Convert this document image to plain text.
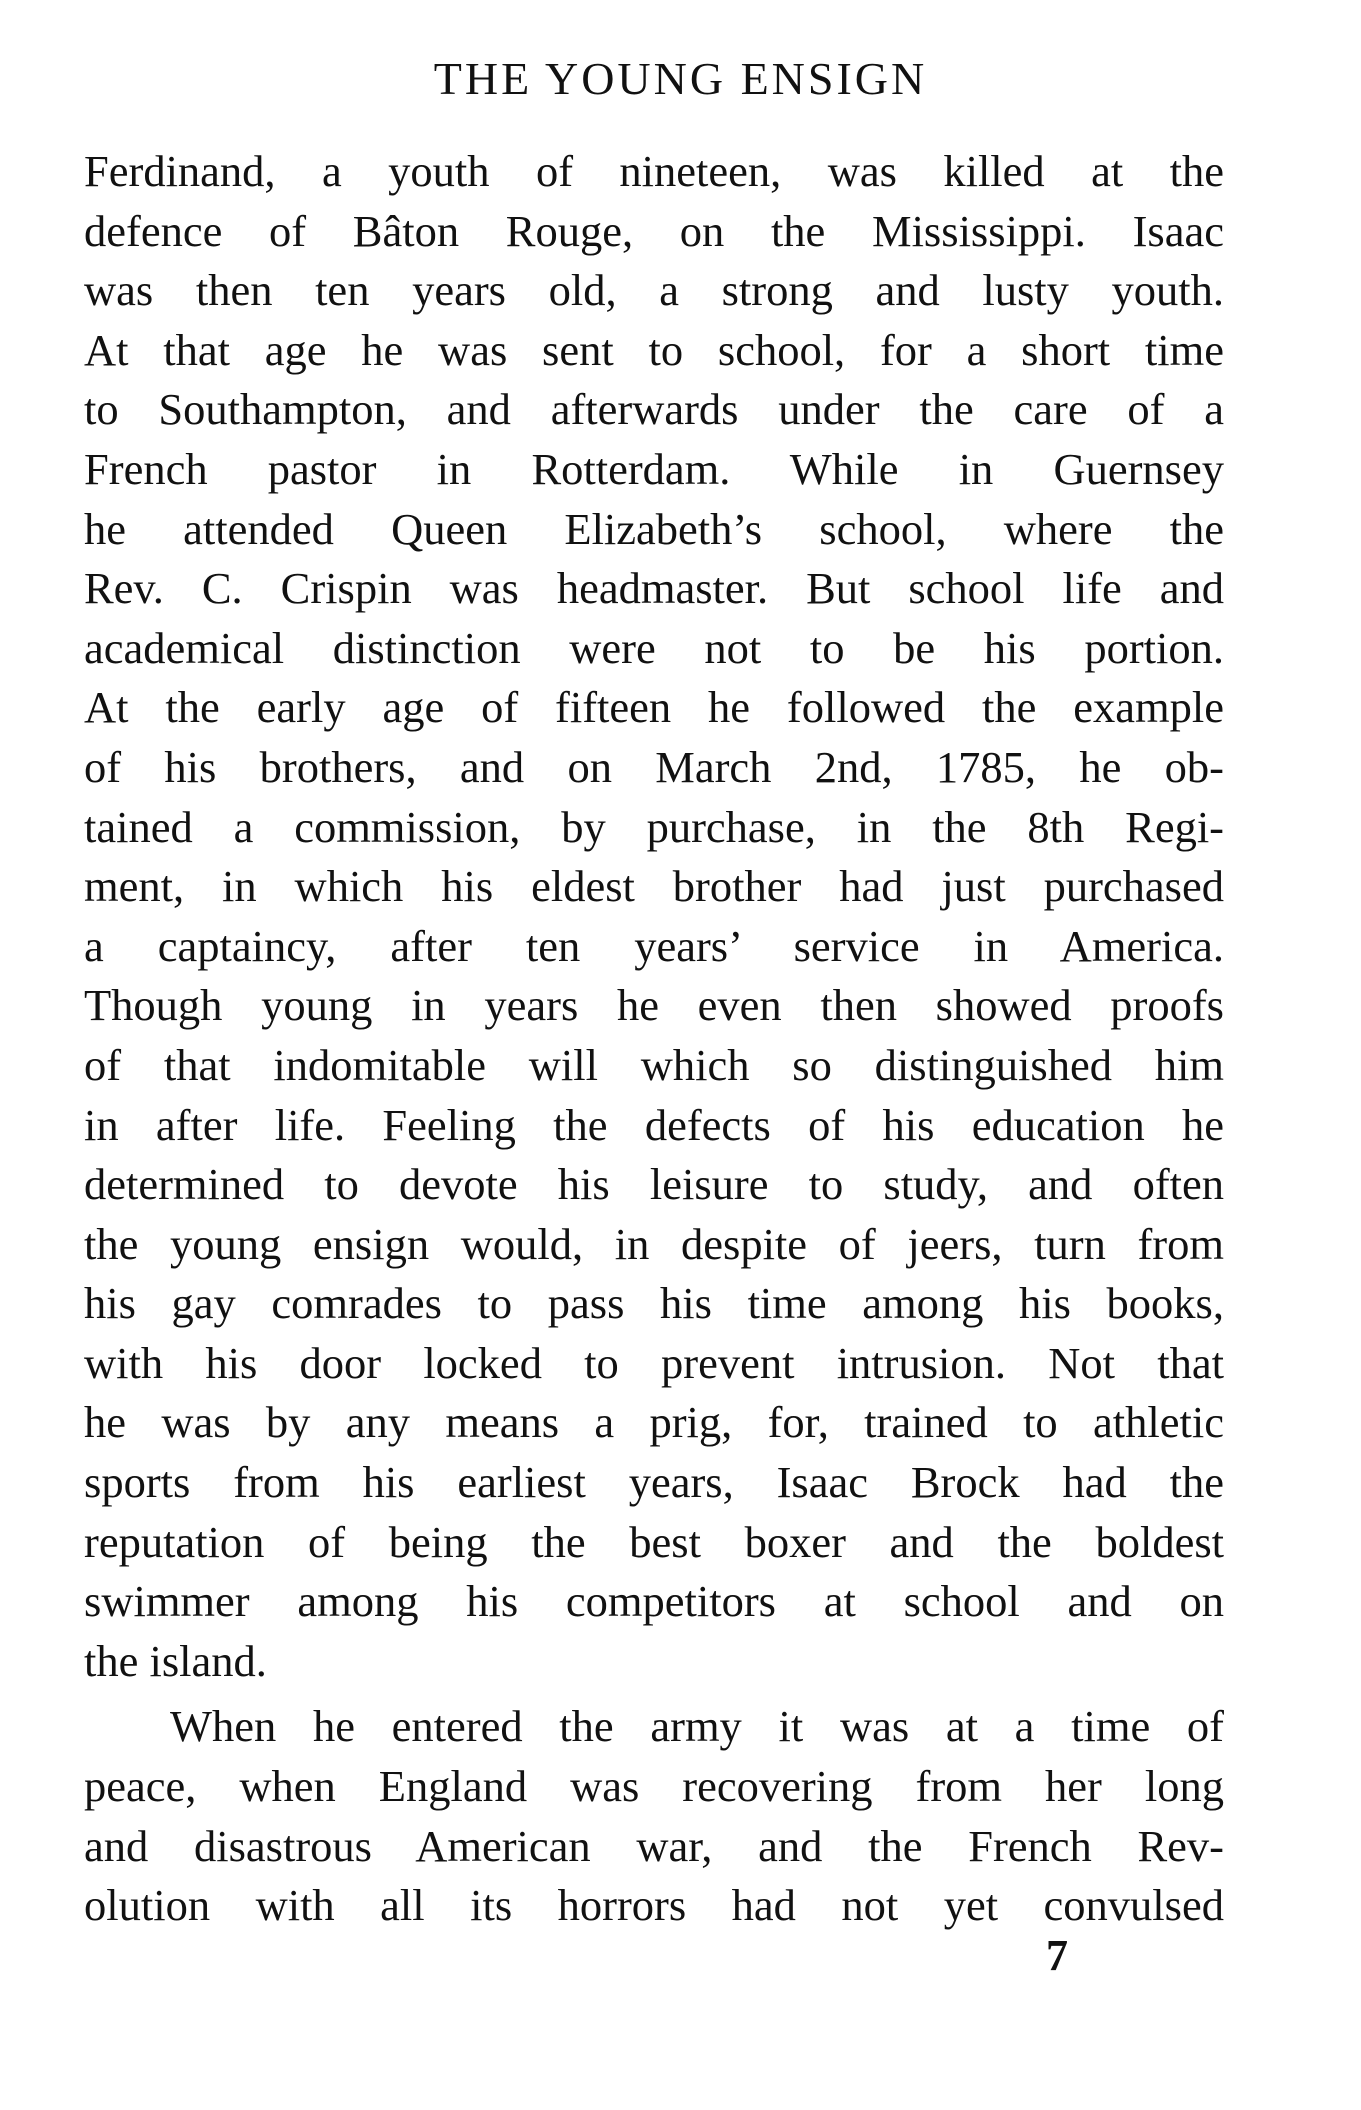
THE YOUNG ENSIGN
Ferdinand, a youth of nineteen, was killed at the
defence of Bâton Rouge, on the Mississippi. Isaac
was then ten years old, a strong and lusty youth.
At that age he was sent to school, for a short time
to Southampton, and afterwards under the care of a
French pastor in Rotterdam. While in Guernsey
he attended Queen Elizabeth’s school, where the
Rev. C. Crispin was headmaster. But school life and
academical distinction were not to be his portion.
At the early age of fifteen he followed the example
of his brothers, and on March 2nd, 1785, he ob-
tained a commission, by purchase, in the 8th Regi-
ment, in which his eldest brother had just purchased
a captaincy, after ten years’ service in America.
Though young in years he even then showed proofs
of that indomitable will which so distinguished him
in after life. Feeling the defects of his education he
determined to devote his leisure to study, and often
the young ensign would, in despite of jeers, turn from
his gay comrades to pass his time among his books,
with his door locked to prevent intrusion. Not that
he was by any means a prig, for, trained to athletic
sports from his earliest years, Isaac Brock had the
reputation of being the best boxer and the boldest
swimmer among his competitors at school and on
the island.
When he entered the army it was at a time of
peace, when England was recovering from her long
and disastrous American war, and the French Rev-
olution with all its horrors had not yet convulsed
7
